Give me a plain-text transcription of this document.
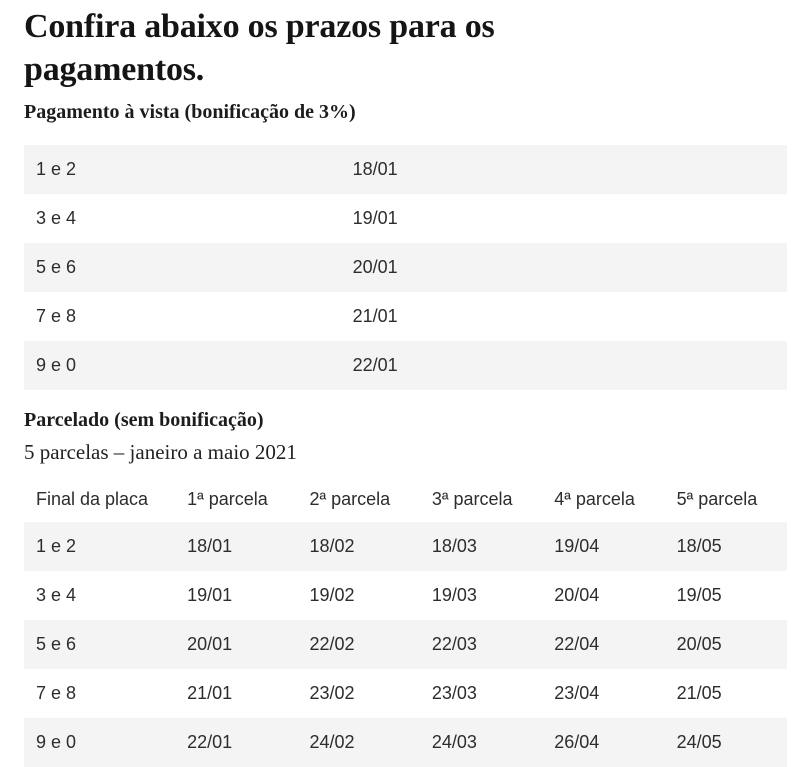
Confira abaixo os prazos para os pagamentos.
Pagamento à vista (bonificação de 3%)
1 e 2	18/01
3 e 4	19/01
5 e 6	20/01
7 e 8	21/01
9 e 0	22/01
Parcelado (sem bonificação)

5 parcelas – janeiro a maio 2021

Final da placa	1ª parcela	2ª parcela	3ª parcela	4ª parcela	5ª parcela
1 e 2	18/01	18/02	18/03	19/04	18/05
3 e 4	19/01	19/02	19/03	20/04	19/05
5 e 6	20/01	22/02	22/03	22/04	20/05
7 e 8	21/01	23/02	23/03	23/04	21/05
9 e 0	22/01	24/02	24/03	26/04	24/05
